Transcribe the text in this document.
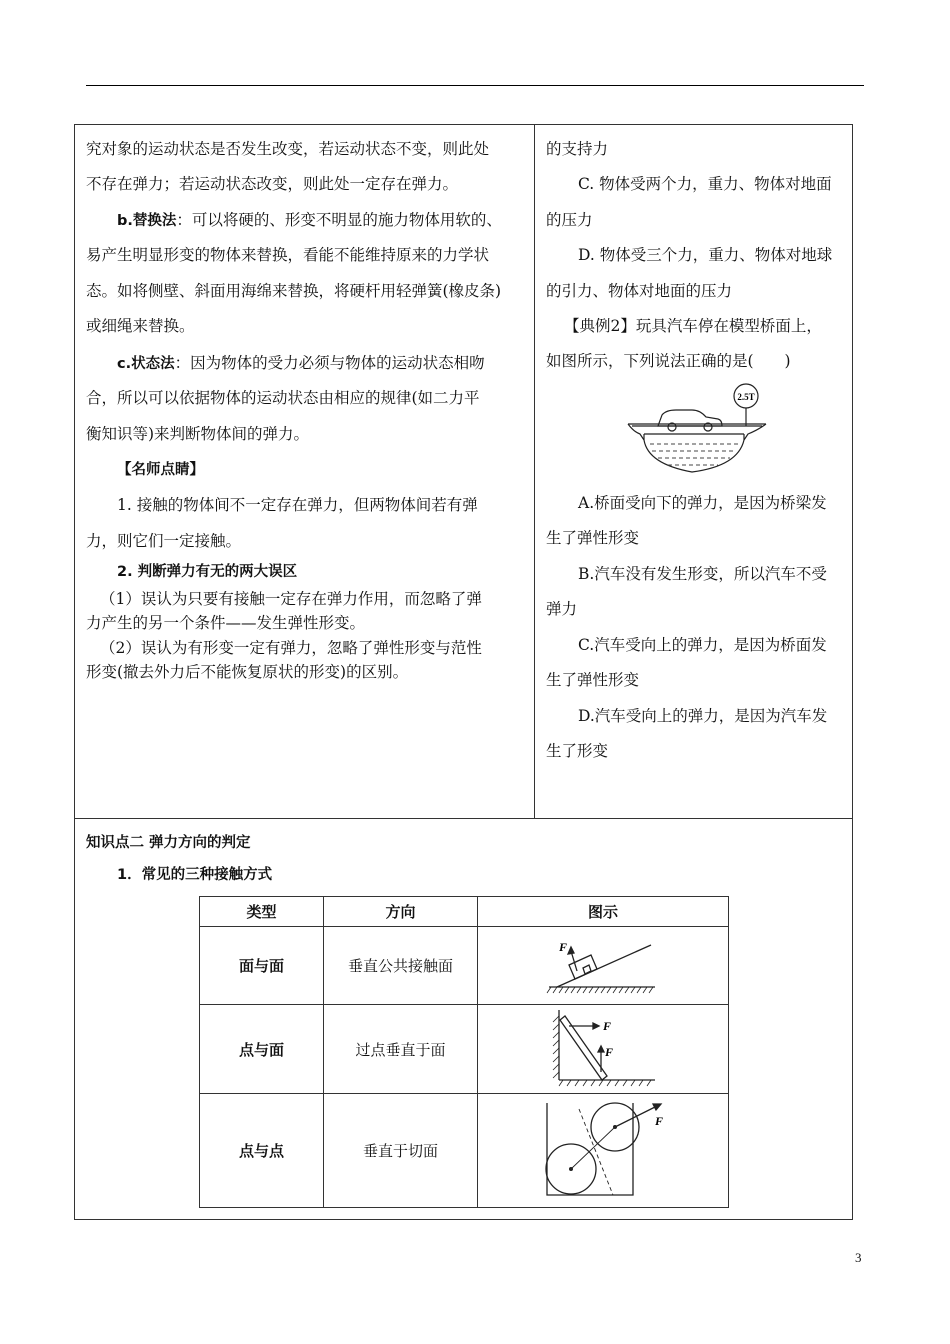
究对象的运动状态是否发生改变，若运动状态不变，则此处
不存在弹力；若运动状态改变，则此处一定存在弹力。
b.替换法：可以将硬的、形变不明显的施力物体用软的、
易产生明显形变的物体来替换，看能不能维持原来的力学状
态。如将侧壁、斜面用海绵来替换，将硬杆用轻弹簧(橡皮条)
或细绳来替换。
c.状态法：因为物体的受力必须与物体的运动状态相吻
合，所以可以依据物体的运动状态由相应的规律(如二力平
衡知识等)来判断物体间的弹力。
【名师点睛】
1. 接触的物体间不一定存在弹力，但两物体间若有弹
力，则它们一定接触。
2. 判断弹力有无的两大误区
（1）误认为只要有接触一定存在弹力作用，而忽略了弹
力产生的另一个条件——发生弹性形变。
（2）误认为有形变一定有弹力，忽略了弹性形变与范性
形变(撤去外力后不能恢复原状的形变)的区别。
的支持力
C. 物体受两个力，重力、物体对地面
的压力
D. 物体受三个力，重力、物体对地球
的引力、物体对地面的压力
【典例2】玩具汽车停在模型桥面上，
如图所示，下列说法正确的是(　　)
2.5T
A.桥面受向下的弹力，是因为桥梁发
生了弹性形变
B.汽车没有发生形变，所以汽车不受
弹力
C.汽车受向上的弹力，是因为桥面发
生了弹性形变
D.汽车受向上的弹力，是因为汽车发
生了形变
知识点二 弹力方向的判定
1．常见的三种接触方式
类型	方向	图示
面与面	垂直公共接触面	F

点与面	过点垂直于面	F
F

点与点	垂直于切面	F
3
